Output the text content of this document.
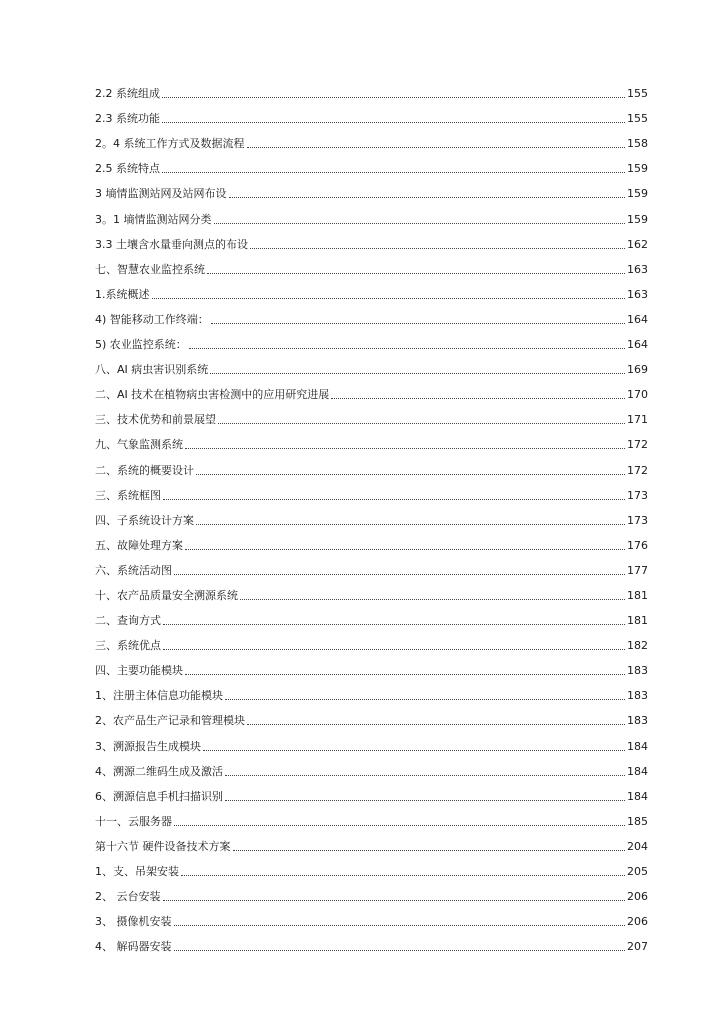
2.2 系统组成	155
2.3 系统功能	155
2。4 系统工作方式及数据流程	158
2.5 系统特点	159
3 墒情监测站网及站网布设	159
3。1 墒情监测站网分类	159
3.3 土壤含水量垂向测点的布设	162
七、智慧农业监控系统	163
1.系统概述	163
4) 智能移动工作终端：	164
5) 农业监控系统：	164
八、AI 病虫害识别系统	169
二、AI 技术在植物病虫害检测中的应用研究进展	170
三、技术优势和前景展望	171
九、气象监测系统	172
二、系统的概要设计	172
三、系统框图	173
四、子系统设计方案	173
五、故障处理方案	176
六、系统活动图	177
十、农产品质量安全溯源系统	181
二、查询方式	181
三、系统优点	182
四、主要功能模块	183
1、注册主体信息功能模块	183
2、农产品生产记录和管理模块	183
3、溯源报告生成模块	184
4、溯源二维码生成及激活	184
6、溯源信息手机扫描识别	184
十一、云服务器	185
第十六节 硬件设备技术方案	204
1、支、吊架安装	205
2、 云台安装	206
3、 摄像机安装	206
4、 解码器安装	207
